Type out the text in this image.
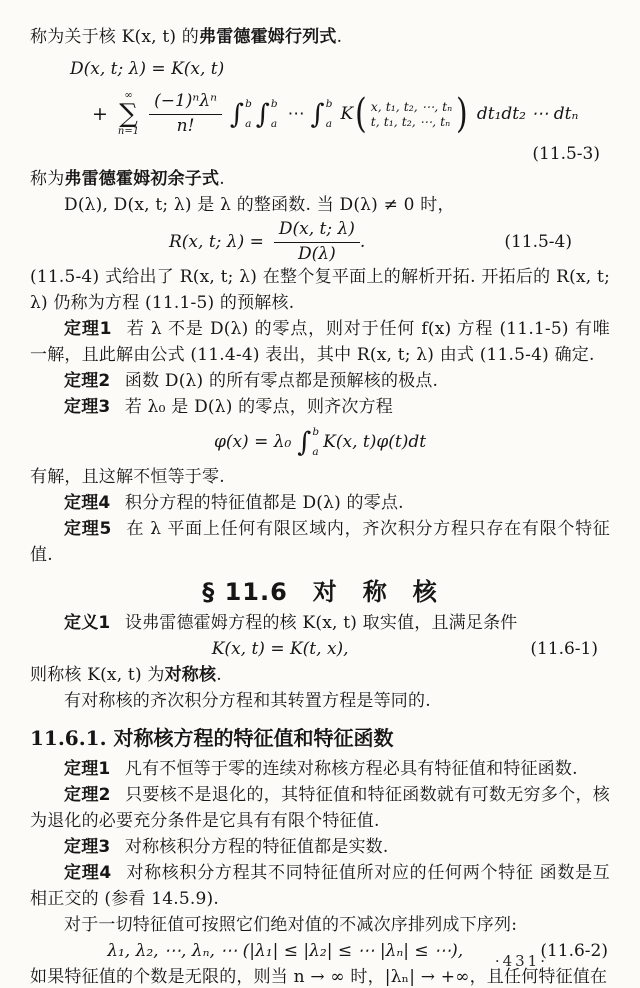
称为关于核 K(x, t) 的弗雷德霍姆行列式.
D(x, t; λ) = K(x, t)
+
∞
∑
$n=1 \frac{\text{(−1)ⁿλⁿ}}{n!}$ ∫ b
a ∫ b
a ⋯ ∫ b
a K ( x, t₁, t₂, ⋯, tₙ
t, t₁, t₂, ⋯, tₙ ) dt₁dt₂ ⋯ dtₙ
(11.5-3)
称为弗雷德霍姆初余子式.
D(λ), D(x, t; λ) 是 λ 的整函数. 当 D(λ) ≠ 0 时，
R(x, t; $\lambda) = \frac{D(x, t; \lambda)}{D(\lambda)}$ .	(11.5-4)
(11.5-4) 式给出了 R(x, t; λ) 在整个复平面上的解析开拓. 开拓后的 R(x, t; λ) 仍称为方程 (11.1-5) 的预解核.
定理1 若 λ 不是 D(λ) 的零点，则对于任何 f(x) 方程 (11.1-5) 有唯一解，且此解由公式 (11.4-4) 表出，其中 R(x, t; λ) 由式 (11.5-4) 确定.
定理2 函数 D(λ) 的所有零点都是预解核的极点.
定理3 若 λ₀ 是 D(λ) 的零点，则齐次方程
φ(x) = λ₀ ∫ b
a K(x, t)φ(t)dt
有解，且这解不恒等于零.
定理4 积分方程的特征值都是 D(λ) 的零点.
定理5 在 λ 平面上任何有限区域内，齐次积分方程只存在有限个特征值.
§ 11.6　 对　称　核
定义1 设弗雷德霍姆方程的核 K(x, t) 取实值，且满足条件
K(x, t) = K(t, x),	(11.6-1)
则称核 K(x, t) 为对称核.
有对称核的齐次积分方程和其转置方程是等同的.
11.6.1. 对称核方程的特征值和特征函数
定理1 凡有不恒等于零的连续对称核方程必具有特征值和特征函数.
定理2 只要核不是退化的，其特征值和特征函数就有可数无穷多个，核为退化的必要充分条件是它具有有限个特征值.
定理3 对称核积分方程的特征值都是实数.
定理4 对称核积分方程其不同特征值所对应的任何两个特征 函数是互相正交的 (参看 14.5.9).
对于一切特征值可按照它们绝对值的不减次序排列成下序列:
λ₁, λ₂, ⋯, λₙ, ⋯ (|λ₁| ≤ |λ₂| ≤ ⋯ |λₙ| ≤ ⋯),	(11.6-2)
如果特征值的个数是无限的，则当 n → ∞ 时，|λₙ| → +∞，且任何特征值在
·431·
